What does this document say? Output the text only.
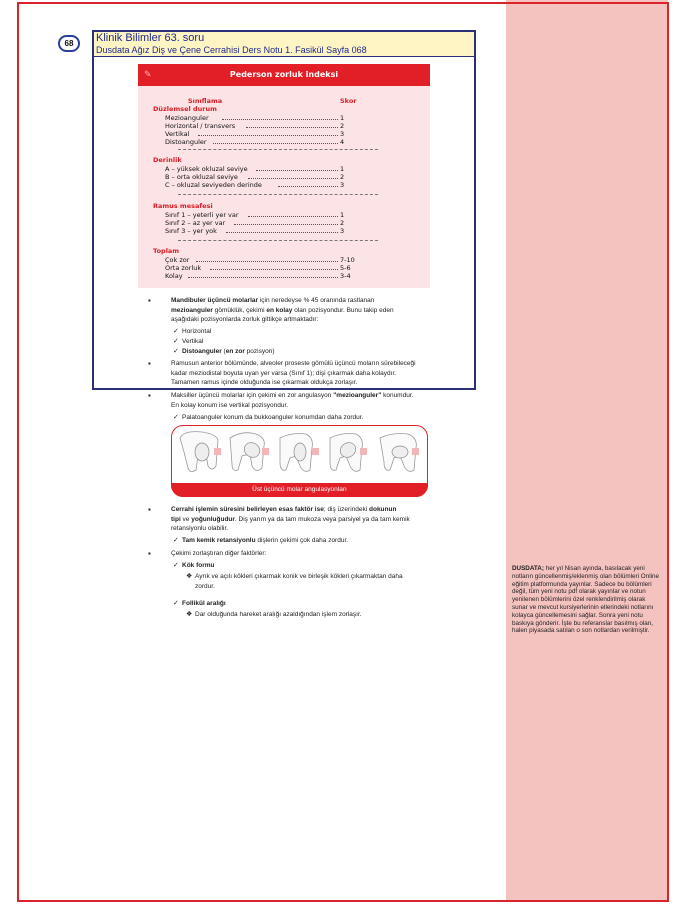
Klinik Bilimler 63. soru
Dusdata Ağız Diş ve Çene Cerrahisi Ders Notu 1. Fasikül Sayfa 068
68
✎	Pederson zorluk indeksi
Sınıflama	Skor
Düzlemsel durum
Mezioanguler	1
Horizontal / transvers	2
Vertikal	3
Distoanguler	4
Derinlik
A – yüksek okluzal seviye	1
B – orta okluzal seviye	2
C – okluzal seviyeden derinde	3
Ramus mesafesi
Sınıf 1 – yeterli yer var	1
Sınıf 2 – az yer var	2
Sınıf 3 – yer yok	3
Toplam
Çok zor	7-10
Orta zorluk	5-6
Kolay	3-4
▪	Mandibuler üçüncü molarlar için neredeyse % 45 oranında rastlanan
mezioanguler gömüklük, çekimi en kolay olan pozisyondur. Bunu takip eden
aşağıdaki pozisyonlarda zorluk gittikçe artmaktadır:
✓ Horizontal
✓ Vertikal
✓ Distoanguler (en zor pozisyon)
▪	Ramusun anterior bölümünde, alveoler proseste gömülü üçüncü moların sürebileceği
kadar meziodistal boyuta uyan yer varsa (Sınıf 1); dişi çıkarmak daha kolaydır.
Tamamen ramus içinde olduğunda ise çıkarmak oldukça zorlaşır.
▪	Maksiller üçüncü molarlar için çekimi en zor angulasyon "mezioanguler" konumdur.
En kolay konum ise vertikal pozisyondur.
✓ Palatoanguler konum da bukkoanguler konumdan daha zordur.
Üst üçüncü molar angulasyonları
▪	Cerrahi işlemin süresini belirleyen esas faktör ise; diş üzerindeki dokunun
tipi ve yoğunluğudur. Diş yarım ya da tam mukoza veya parsiyel ya da tam kemik
retansiyonlu olabilir.
✓ Tam kemik retansiyonlu dişlerin çekimi çok daha zordur.
▪	Çekimi zorlaştıran diğer faktörler:
✓ Kök formu
❖ Ayrık ve açılı kökleri çıkarmak konik ve birleşik kökleri çıkarmaktan daha
zordur.
✓ Follikül aralığı
❖ Dar olduğunda hareket aralığı azaldığından işlem zorlaşır.
DUSDATA; her yıl Nisan ayında, basılacak yeni notların güncellenmiş/eklenmiş olan bölümleri Online eğitim platformunda yayınlar. Sadece bu bölümleri değil, tüm yeni notu pdf olarak yayınlar ve notun yenilenen bölümlerini özel renklendirilmiş olarak sunar ve mevcut kursiyerlerinin ellerindeki notlarını kolayca güncellemesini sağlar. Sonra yeni notu baskıya gönderir. İşte bu referanslar basılmış olan, halen piyasada satılan o son notlardan verilmiştir.
